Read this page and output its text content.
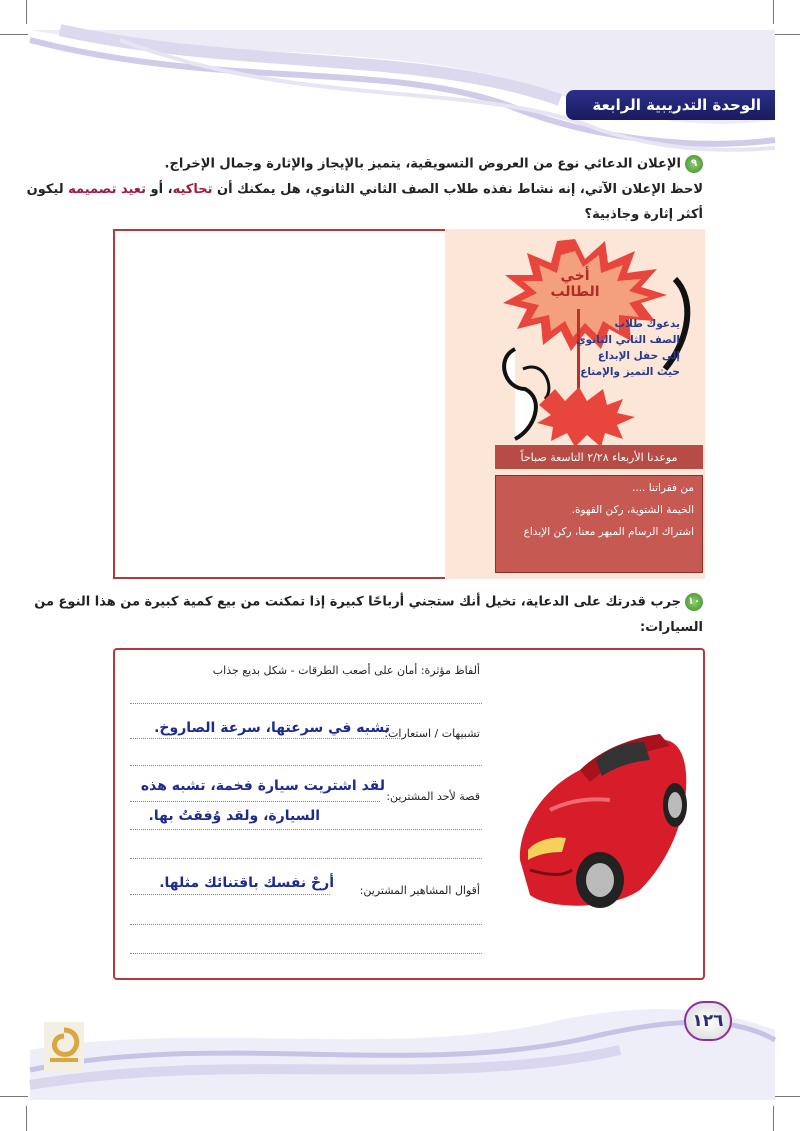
الوحدة التدريبية الرابعة
٩الإعلان الدعائي نوع من العروض التسويقية، يتميز بالإيجاز والإثارة وجمال الإخراج.
لاحظ الإعلان الآتي، إنه نشاط نفذه طلاب الصف الثاني الثانوي، هل يمكنك أن تحاكيه، أو تعيد تصميمه ليكون
أكثر إثارة وجاذبية؟
أخي الطالب
يدعوك طلاب
الصف الثاني الثانوي
إلى حفل الإبداع
حيث التميز والإمتاع
موعدنا الأربعاء ٢/٢٨ التاسعة صباحاً
من فقراتنا ....
الخيمة الشتوية، ركن القهوة.
اشتراك الرسام المبهر معنا، ركن الإبداع
١٠جرب قدرتك على الدعاية، تخيل أنك ستجني أرباحًا كبيرة إذا تمكنت من بيع كمية كبيرة من هذا النوع من
السيارات:
ألفاظ مؤثرة: أمان على أصعب الطرقات - شكل بديع جذاب
تشبيهات / استعارات:
تشبه في سرعتها، سرعة الصاروخ.
قصة لأحد المشترين:
لقد اشتريت سيارة فخمة، تشبه هذه
السيارة، ولقد وُفقتُ بها.
أقوال المشاهير المشترين:
أرحْ نفسك باقتنائك مثلها.
١٢٦
